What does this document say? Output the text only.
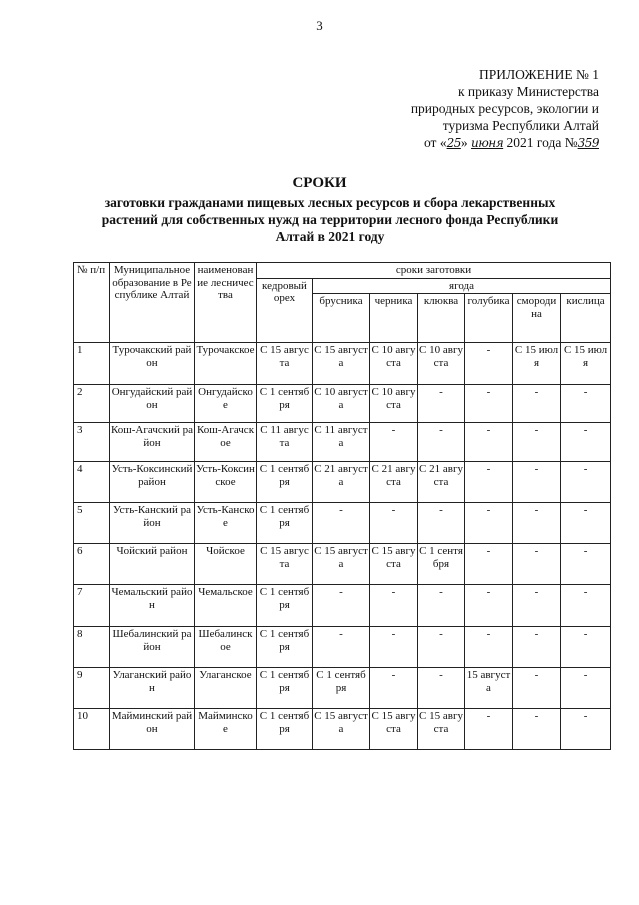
3
ПРИЛОЖЕНИЕ № 1
к приказу Министерства
природных ресурсов, экологии и
туризма Республики Алтай
от «25» июня 2021 года №359
СРОКИ
заготовки гражданами пищевых лесных ресурсов и сбора лекарственных растений для собственных нужд на территории лесного фонда Республики Алтай в 2021 году
№ п/п	Муниципальное образование в Республике Алтай	наименование лесничества	сроки заготовки						
			кедровый орех	ягода					
				брусника	черника	клюква	голубика	смородина	кислица
1	Турочакский район	Турочакское	С 15 августа	С 15 августа	С 10 августа	С 10 августа	-	С 15 июля	С 15 июля
2	Онгудайский район	Онгудайское	С 1 сентября	С 10 августа	С 10 августа	-	-	-	-
3	Кош-Агачский район	Кош-Агачское	С 11 августа	С 11 августа	-	-	-	-	-
4	Усть-Коксинский район	Усть-Коксинское	С 1 сентября	С 21 августа	С 21 августа	С 21 августа	-	-	-
5	Усть-Канский район	Усть-Канское	С 1 сентября	-	-	-	-	-	-
6	Чойский район	Чойское	С 15 августа	С 15 августа	С 15 августа	С 1 сентября	-	-	-
7	Чемальский район	Чемальское	С 1 сентября	-	-	-	-	-	-
8	Шебалинский район	Шебалинское	С 1 сентября	-	-	-	-	-	-
9	Улаганский район	Улаганское	С 1 сентября	С 1 сентября	-	-	15 августа	-	-
10	Майминский район	Майминское	С 1 сентября	С 15 августа	С 15 августа	С 15 августа	-	-	-
